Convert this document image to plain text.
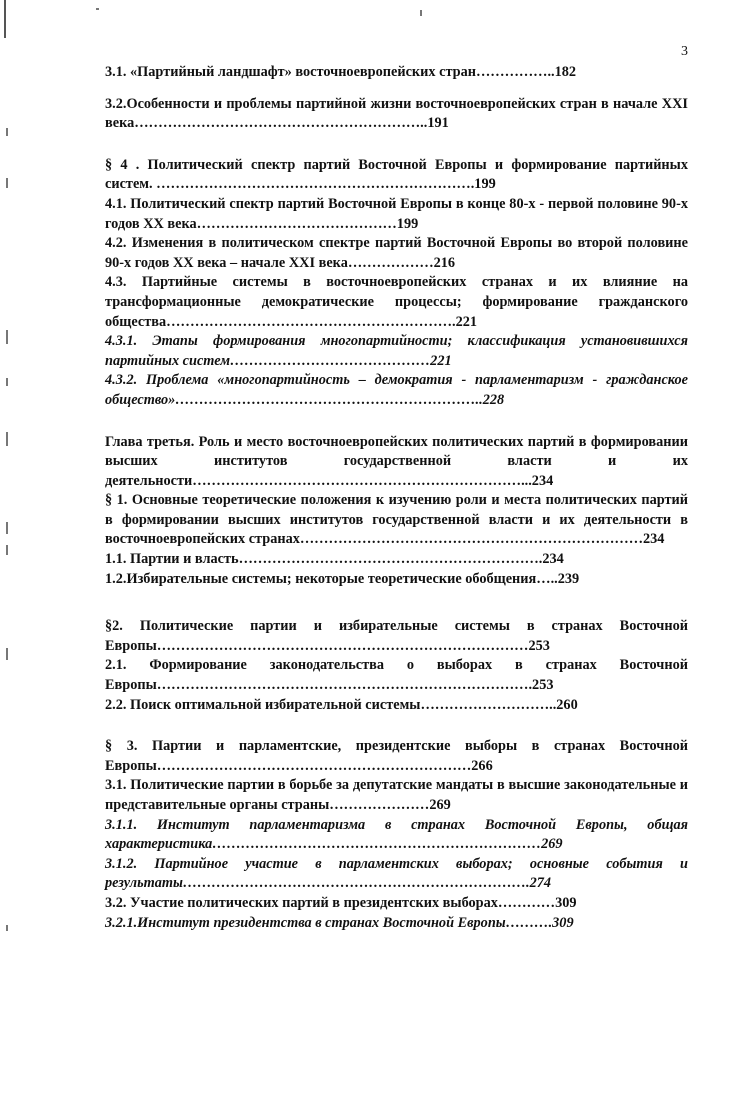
3

3.1. «Партийный ландшафт» восточноевропейских стран……………..182

3.2.Особенности и проблемы партийной жизни восточноевропейских стран в начале XXI века……………………………………………………..191

§ 4 . Политический спектр партий Восточной Европы и формирование партийных систем. ………………………………………………………….199

4.1. Политический спектр партий Восточной Европы в конце 80-х - первой половине 90-х годов XX века……………………………………199

4.2. Изменения в политическом спектре партий Восточной Европы во второй половине 90-х годов XX века – начале XXI века………………216

4.3. Партийные системы в восточноевропейских странах и их влияние на трансформационные демократические процессы; формирование гражданского общества…………………………………………………….221

4.3.1. Этапы формирования многопартийности; классификация установившихся партийных систем……………………………………221

4.3.2. Проблема «многопартийность – демократия - парламентаризм - гражданское общество»………………………………………………………..228

Глава третья. Роль и место восточноевропейских политических партий в формировании высших институтов государственной власти и их деятельности……………………………………………………………...234

§ 1. Основные теоретические положения к изучению роли и места политических партий в формировании высших институтов государственной власти и их деятельности в восточноевропейских странах………………………………………………………………234

1.1. Партии и власть……………………………………………………….234

1.2.Избирательные системы; некоторые теоретические обобщения…..239

§2. Политические партии и избирательные системы в странах Восточной Европы……………………………………………………………………253

2.1. Формирование законодательства о выборах в странах Восточной Европы…………………………………………………………………….253

2.2. Поиск оптимальной избирательной системы………………………..260

§ 3. Партии и парламентские, президентские выборы в странах Восточной Европы…………………………………………………………266

3.1. Политические партии в борьбе за депутатские мандаты в высшие законодательные и представительные органы страны…………………269

3.1.1. Институт парламентаризма в странах Восточной Европы, общая характеристика……………………………………………………………269

3.1.2. Партийное участие в парламентских выборах; основные события и результаты……………………………………………………………….274

3.2. Участие политических партий в президентских выборах…………309

3.2.1.Институт президентства в странах Восточной Европы……….309
